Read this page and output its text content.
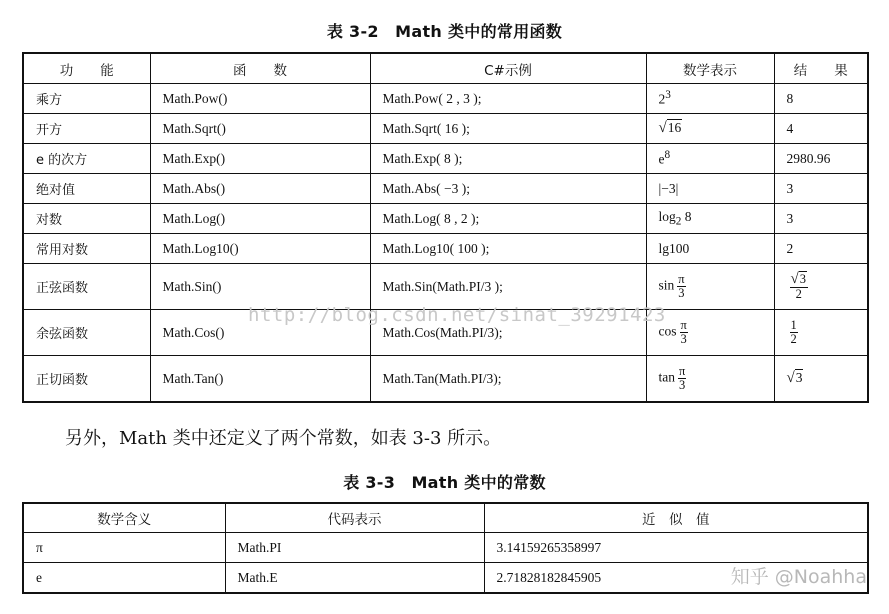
表 3-2　Math 类中的常用函数
功　　能	函　　数	C#示例	数学表示	结　　果
乘方	Math.Pow()	Math.Pow( 2 , 3 );	$2^3$	8
开方	Math.Sqrt()	Math.Sqrt( 16 );	√16	4
e 的次方	Math.Exp()	Math.Exp( 8 );	$e^8$	2980.96
绝对值	Math.Abs()	Math.Abs( −3 );	|−3|	3
对数	Math.Log()	Math.Log( 8 , 2 );	$\log_2 8$	3
常用对数	Math.Log10()	Math.Log10( 100 );	lg100	2
正弦函数	Math.Sin()	Math.Sin(Math.PI/3 );	$\sin \frac{\pi}{3}$	$\frac{√3}{2}$

余弦函数	Math.Cos()	Math.Cos(Math.PI/3);	$\cos \frac{\pi}{3}$	$\frac{1}{2}$

正切函数	Math.Tan()	Math.Tan(Math.PI/3);	$\tan \frac{\pi}{3}$	√3
http://blog.csdn.net/sinat_39291423
另外，Math 类中还定义了两个常数，如表 3-3 所示。
表 3-3　Math 类中的常数
数学含义	代码表示	近　似　值
π	Math.PI	3.14159265358997
e	Math.E	2.71828182845905	知乎 @Noahha
